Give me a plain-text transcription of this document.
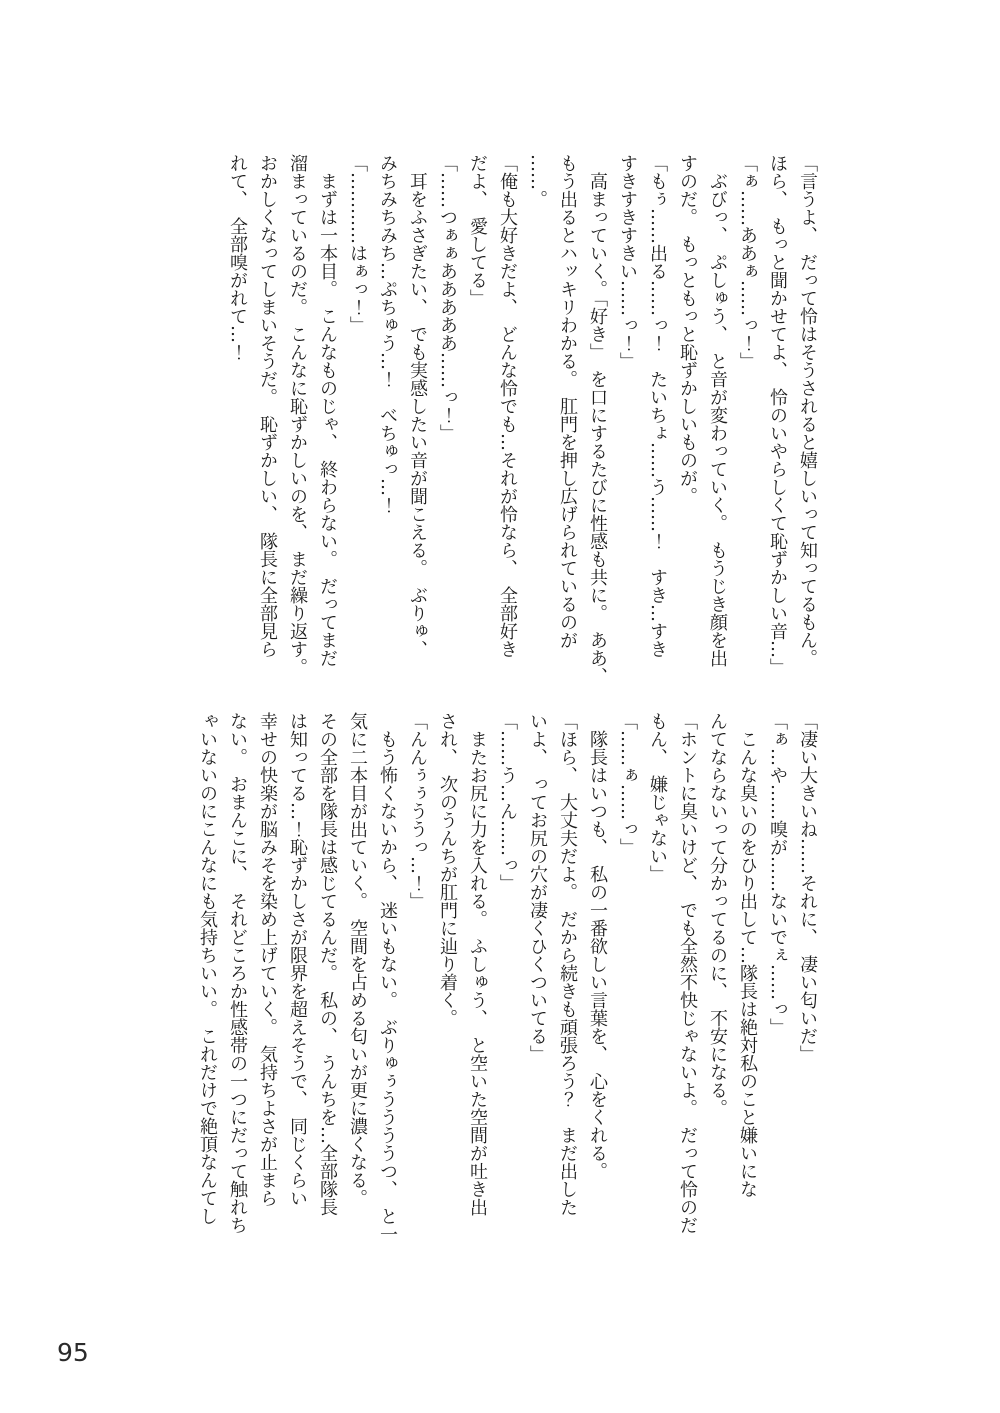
「言うよ、　だって怜はそうされると嬉しいって知ってるもん。

ほら、　もっと聞かせてよ、　怜のいやらしくて恥ずかしい音…」

「ぁ……ああぁ……っ！」

ぶびっ、　ぷしゅう、　と音が変わっていく。　もうじき顔を出

すのだ。　もっともっと恥ずかしいものが。

「もぅ……出る……っ！　たいちょ……う……！　すき…すき

すきすきすきい……っ！」

高まっていく。「好き」　を口にするたびに性感も共に。　ああ、

もう出るとハッキリわかる。　肛門を押し広げられているのが

……。

「俺も大好きだよ、　どんな怜でも…それが怜なら、　全部好き

だよ、　愛してる」

「……つぁぁあああああ……っ！」

耳をふさぎたい、　でも実感したい音が聞こえる。　ぶりゅ、

みちみちみち…ぷちゅう…！　べちゅっ…！

「…………はぁっ！」

まずは一本目。　こんなものじゃ、　終わらない。　だってまだ

溜まっているのだ。　こんなに恥ずかしいのを、　まだ繰り返す。

おかしくなってしまいそうだ。　恥ずかしい、　隊長に全部見ら

れて、　全部嗅がれて…！

「凄い大きいね……それに、　凄い匂いだ」

「ぁ…や……嗅が……ないでぇ……っ」

こんな臭いのをひり出して…隊長は絶対私のこと嫌いにな

んてならないって分かってるのに、　不安になる。

「ホントに臭いけど、　でも全然不快じゃないよ。　だって怜のだ

もん、　嫌じゃない」

「……ぁ……っ」

隊長はいつも、　私の一番欲しい言葉を、　心をくれる。

「ほら、　大丈夫だよ。　だから続きも頑張ろう？　まだ出した

いよ、　ってお尻の穴が凄くひくついてる」

「……う…ん……っ」

またお尻に力を入れる。　ふしゅう、　と空いた空間が吐き出

され、　次のうんちが肛門に辿り着く。

「んんぅぅううっ…！」

もう怖くないから、　迷いもない。　ぶりゅぅううううつ、　と一

気に二本目が出ていく。　空間を占める匂いが更に濃くなる。

その全部を隊長は感じてるんだ。　私の、　うんちを…全部隊長

は知ってる…！恥ずかしさが限界を超えそうで、　同じくらい

幸せの快楽が脳みそを染め上げていく。　気持ちよさが止まら

ない。　おまんこに、　それどころか性感帯の一つにだって触れち

ゃいないのにこんなにも気持ちいい。　これだけで絶頂なんてし

95
